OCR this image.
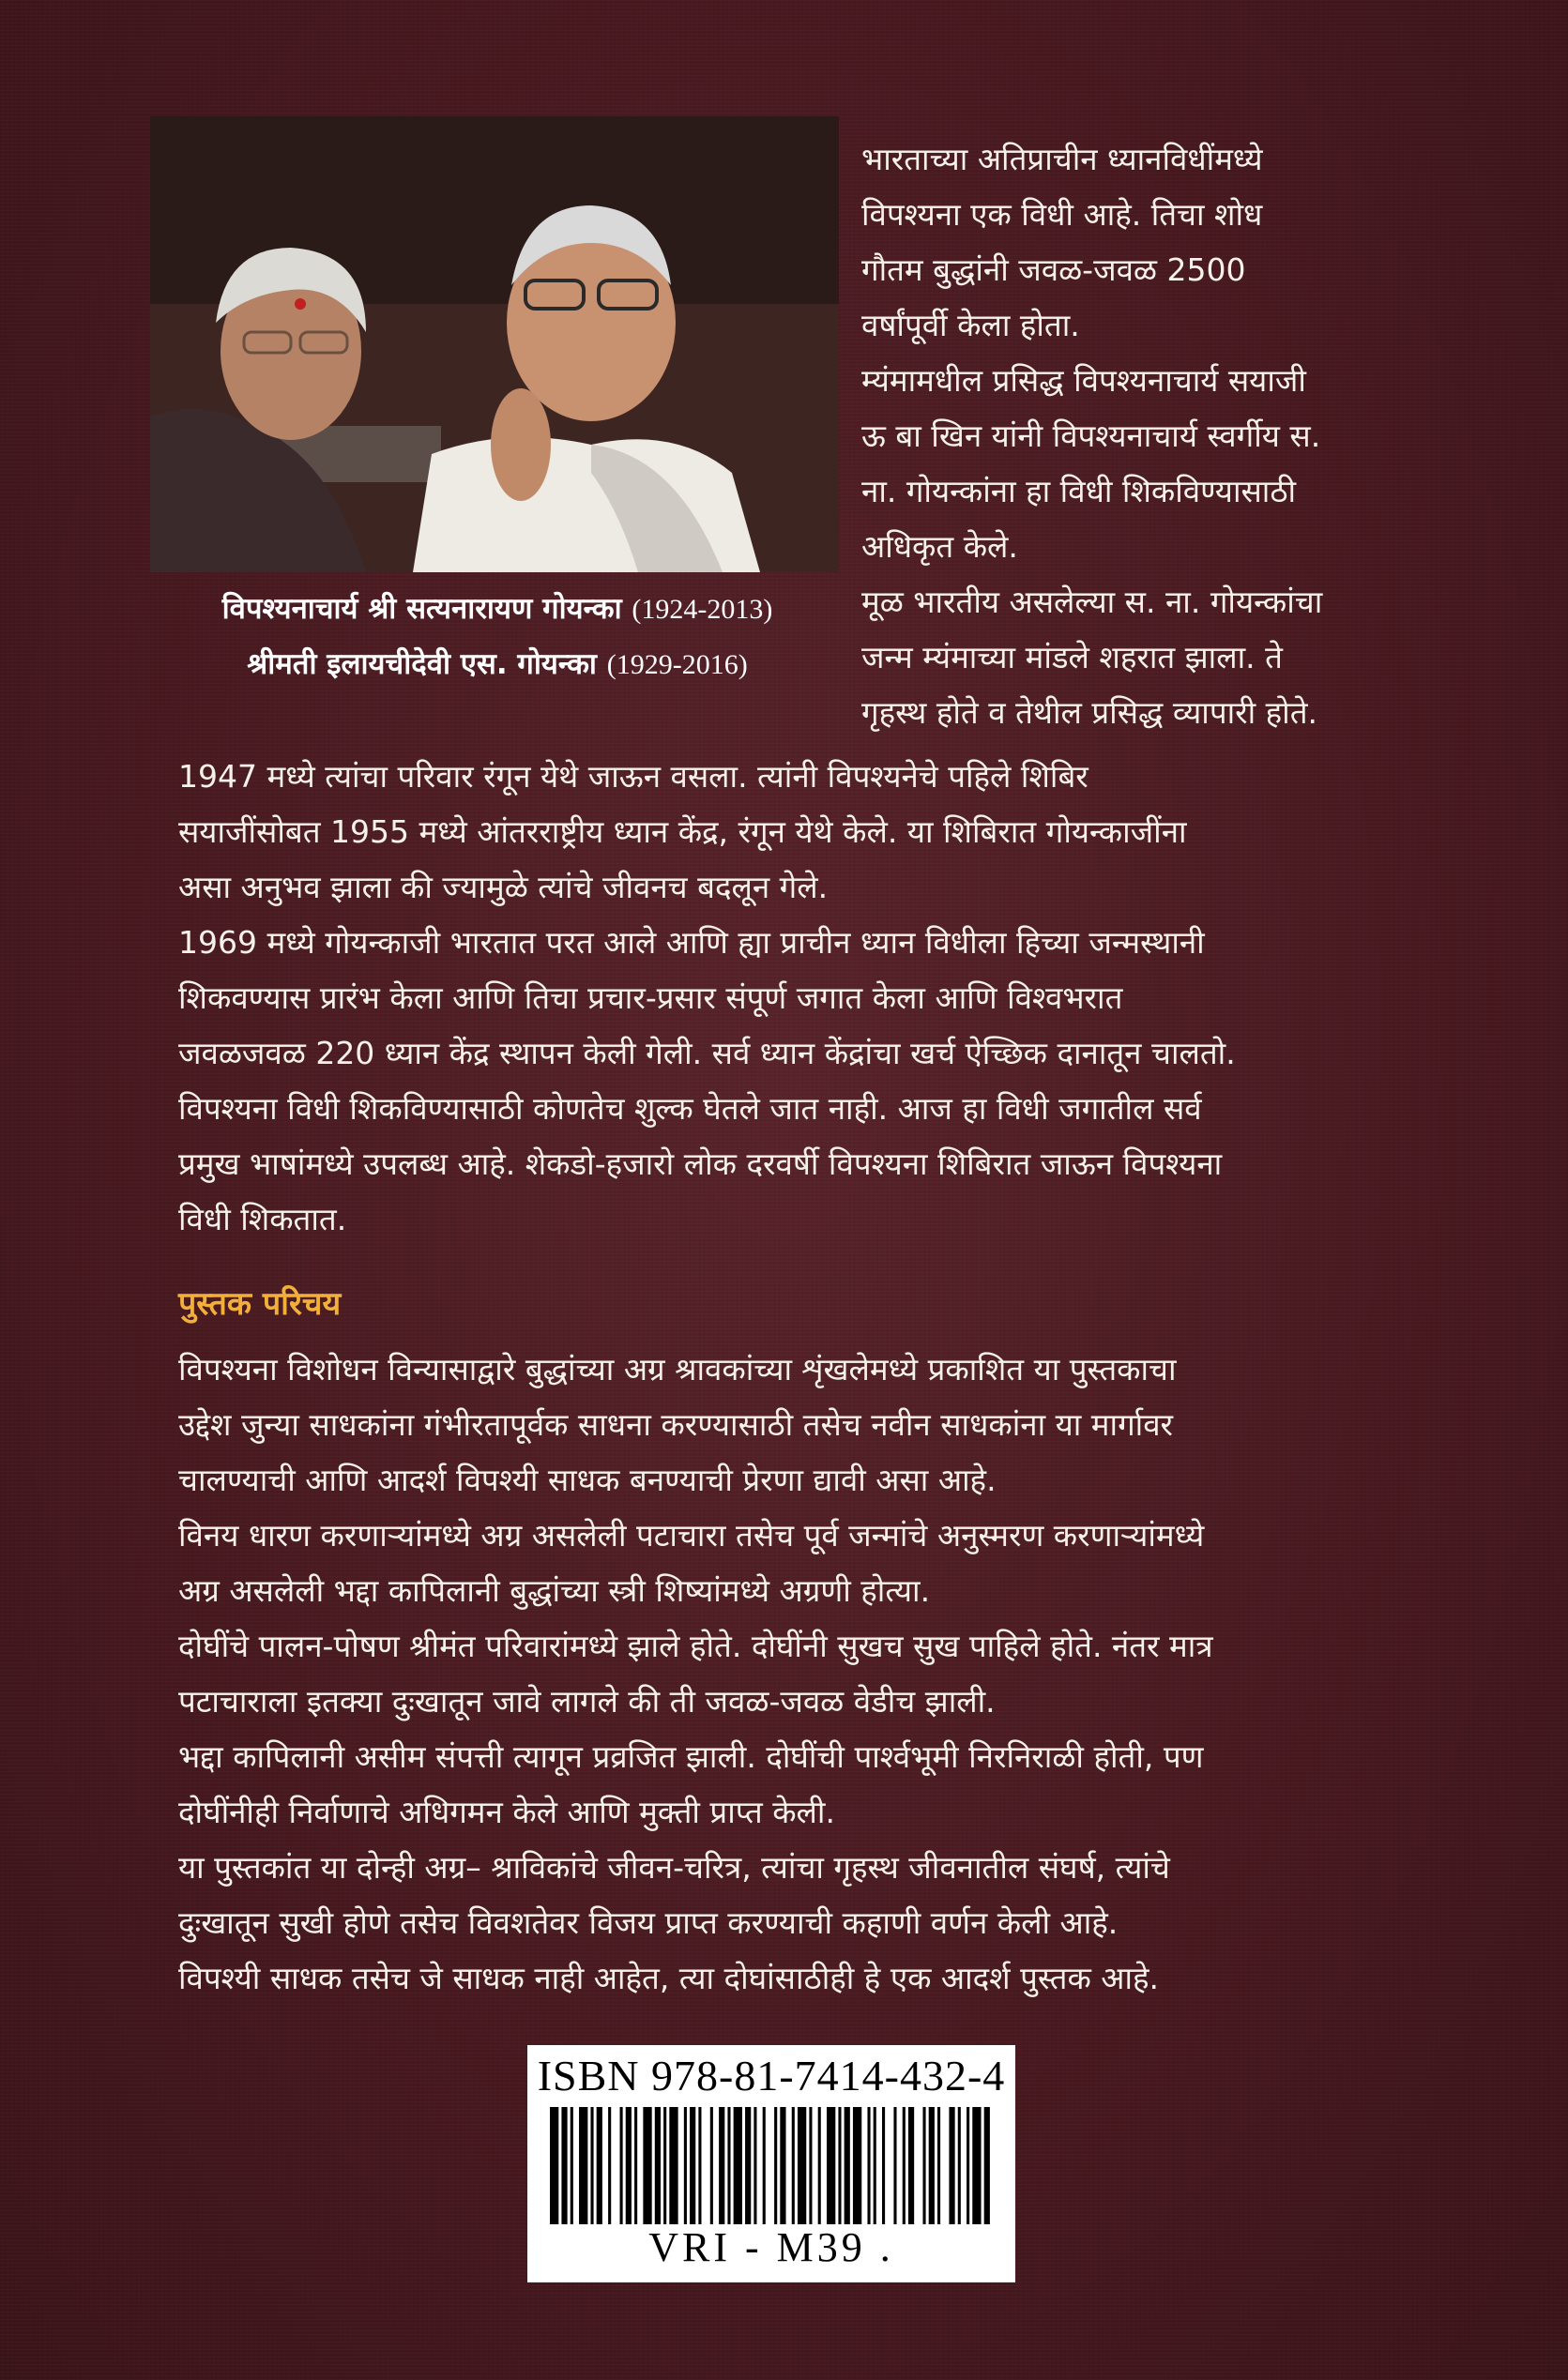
विपश्यनाचार्य श्री सत्यनारायण गोयन्का (1924-2013)
श्रीमती इलायचीदेवी एस. गोयन्का (1929-2016)
भारताच्या अतिप्राचीन ध्यानविधींमध्ये
विपश्यना एक विधी आहे. तिचा शोध
गौतम बुद्धांनी जवळ-जवळ 2500
वर्षांपूर्वी केला होता.
म्यंमामधील प्रसिद्ध विपश्यनाचार्य सयाजी
ऊ बा खिन यांनी विपश्यनाचार्य स्वर्गीय स.
ना. गोयन्कांना हा विधी शिकविण्यासाठी
अधिकृत केले.
मूळ भारतीय असलेल्या स. ना. गोयन्कांचा
जन्म म्यंमाच्या मांडले शहरात झाला. ते
गृहस्थ होते व तेथील प्रसिद्ध व्यापारी होते.
1947 मध्ये त्यांचा परिवार रंगून येथे जाऊन वसला. त्यांनी विपश्यनेचे पहिले शिबिर
सयाजींसोबत 1955 मध्ये आंतरराष्ट्रीय ध्यान केंद्र, रंगून येथे केले. या शिबिरात गोयन्काजींना
असा अनुभव झाला की ज्यामुळे त्यांचे जीवनच बदलून गेले.
1969 मध्ये गोयन्काजी भारतात परत आले आणि ह्या प्राचीन ध्यान विधीला हिच्या जन्मस्थानी
शिकवण्यास प्रारंभ केला आणि तिचा प्रचार-प्रसार संपूर्ण जगात केला आणि विश्वभरात
जवळजवळ 220 ध्यान केंद्र स्थापन केली गेली. सर्व ध्यान केंद्रांचा खर्च ऐच्छिक दानातून चालतो.
विपश्यना विधी शिकविण्यासाठी कोणतेच शुल्क घेतले जात नाही. आज हा विधी जगातील सर्व
प्रमुख भाषांमध्ये उपलब्ध आहे. शेकडो-हजारो लोक दरवर्षी विपश्यना शिबिरात जाऊन विपश्यना
विधी शिकतात.
पुस्तक परिचय
विपश्यना विशोधन विन्यासाद्वारे बुद्धांच्या अग्र श्रावकांच्या शृंखलेमध्ये प्रकाशित या पुस्तकाचा
उद्देश जुन्या साधकांना गंभीरतापूर्वक साधना करण्यासाठी तसेच नवीन साधकांना या मार्गावर
चालण्याची आणि आदर्श विपश्यी साधक बनण्याची प्रेरणा द्यावी असा आहे.
विनय धारण करणाऱ्यांमध्ये अग्र असलेली पटाचारा तसेच पूर्व जन्मांचे अनुस्मरण करणाऱ्यांमध्ये
अग्र असलेली भद्दा कापिलानी बुद्धांच्या स्त्री शिष्यांमध्ये अग्रणी होत्या.
दोघींचे पालन-पोषण श्रीमंत परिवारांमध्ये झाले होते. दोघींनी सुखच सुख पाहिले होते. नंतर मात्र
पटाचाराला इतक्या दुःखातून जावे लागले की ती जवळ-जवळ वेडीच झाली.
भद्दा कापिलानी असीम संपत्ती त्यागून प्रव्रजित झाली. दोघींची पार्श्वभूमी निरनिराळी होती, पण
दोघींनीही निर्वाणाचे अधिगमन केले आणि मुक्ती प्राप्त केली.
या पुस्तकांत या दोन्ही अग्र– श्राविकांचे जीवन-चरित्र, त्यांचा गृहस्थ जीवनातील संघर्ष, त्यांचे
दुःखातून सुखी होणे तसेच विवशतेवर विजय प्राप्त करण्याची कहाणी वर्णन केली आहे.
विपश्यी साधक तसेच जे साधक नाही आहेत, त्या दोघांसाठीही हे एक आदर्श पुस्तक आहे.
ISBN 978-81-7414-432-4
VRI - M39 .
